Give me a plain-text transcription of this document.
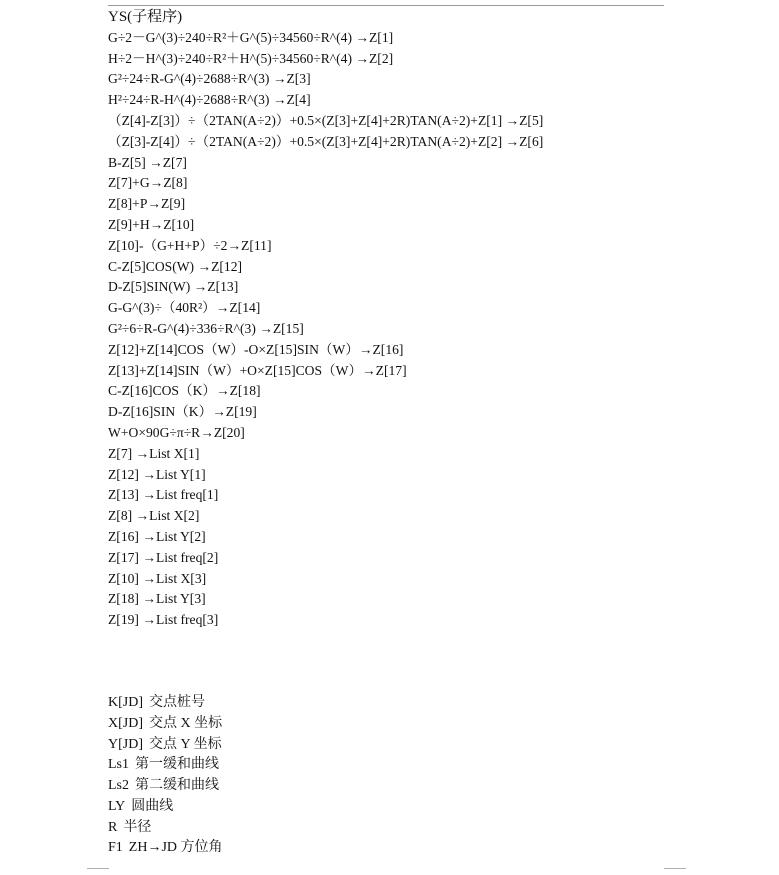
YS(子程序)
G÷2－G^(3)÷240÷R²＋G^(5)÷34560÷R^(4) →Z[1]
H÷2－H^(3)÷240÷R²＋H^(5)÷34560÷R^(4) →Z[2]
G²÷24÷R-G^(4)÷2688÷R^(3) →Z[3]
H²÷24÷R-H^(4)÷2688÷R^(3) →Z[4]
（Z[4]-Z[3]）÷（2TAN(A÷2)）+0.5×(Z[3]+Z[4]+2R)TAN(A÷2)+Z[1] →Z[5]
（Z[3]-Z[4]）÷（2TAN(A÷2)）+0.5×(Z[3]+Z[4]+2R)TAN(A÷2)+Z[2] →Z[6]
B-Z[5] →Z[7]
Z[7]+G→Z[8]
Z[8]+P→Z[9]
Z[9]+H→Z[10]
Z[10]-（G+H+P）÷2→Z[11]
C-Z[5]COS(W) →Z[12]
D-Z[5]SIN(W) →Z[13]
G-G^(3)÷（40R²）→Z[14]
G²÷6÷R-G^(4)÷336÷R^(3) →Z[15]
Z[12]+Z[14]COS（W）-O×Z[15]SIN（W）→Z[16]
Z[13]+Z[14]SIN（W）+O×Z[15]COS（W）→Z[17]
C-Z[16]COS（K）→Z[18]
D-Z[16]SIN（K）→Z[19]
W+O×90G÷π÷R→Z[20]
Z[7] →List X[1]
Z[12] →List Y[1]
Z[13] →List freq[1]
Z[8] →List X[2]
Z[16] →List Y[2]
Z[17] →List freq[2]
Z[10] →List X[3]
Z[18] →List Y[3]
Z[19] →List freq[3]
K[JD] 交点桩号
X[JD] 交点 X 坐标
Y[JD] 交点 Y 坐标
Ls1 第一缓和曲线
Ls2 第二缓和曲线
LY 圆曲线
R 半径
F1 ZH→JD 方位角
